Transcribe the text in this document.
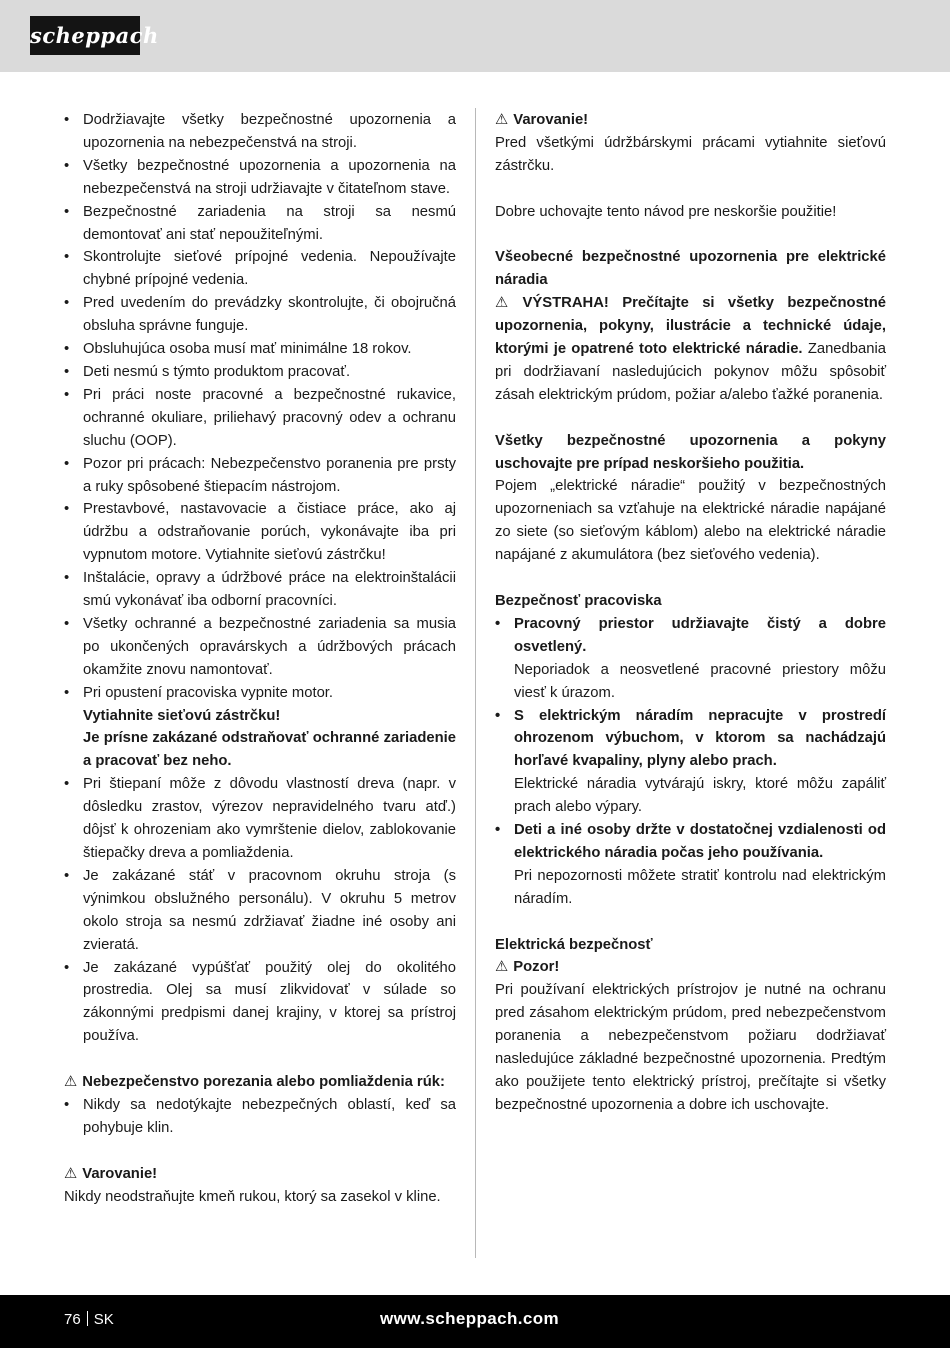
scheppach
• Dodržiavajte všetky bezpečnostné upozornenia a upozornenia na nebezpečenstvá na stroji.
• Všetky bezpečnostné upozornenia a upozornenia na nebezpečenstvá na stroji udržiavajte v čitateľnom stave.
• Bezpečnostné zariadenia na stroji sa nesmú demontovať ani stať nepoužiteľnými.
• Skontrolujte sieťové prípojné vedenia. Nepoužívajte chybné prípojné vedenia.
• Pred uvedením do prevádzky skontrolujte, či obojručná obsluha správne funguje.
• Obsluhujúca osoba musí mať minimálne 18 rokov.
• Deti nesmú s týmto produktom pracovať.
• Pri práci noste pracovné a bezpečnostné rukavice, ochranné okuliare, priliehavý pracovný odev a ochranu sluchu (OOP).
• Pozor pri prácach: Nebezpečenstvo poranenia pre prsty a ruky spôsobené štiepacím nástrojom.
• Prestavbové, nastavovacie a čistiace práce, ako aj údržbu a odstraňovanie porúch, vykonávajte iba pri vypnutom motore. Vytiahnite sieťovú zástrčku!
• Inštalácie, opravy a údržbové práce na elektroinštalácii smú vykonávať iba odborní pracovníci.
• Všetky ochranné a bezpečnostné zariadenia sa musia po ukončených opravárskych a údržbových prácach okamžite znovu namontovať.
• Pri opustení pracoviska vypnite motor.
Vytiahnite sieťovú zástrčku!
Je prísne zakázané odstraňovať ochranné zariadenie a pracovať bez neho.
• Pri štiepaní môže z dôvodu vlastností dreva (napr. v dôsledku zrastov, výrezov nepravidelného tvaru atď.) dôjsť k ohrozeniam ako vymrštenie dielov, zablokovanie štiepačky dreva a pomliaždenia.
• Je zakázané stáť v pracovnom okruhu stroja (s výnimkou obslužného personálu). V okruhu 5 metrov okolo stroja sa nesmú zdržiavať žiadne iné osoby ani zvieratá.
• Je zakázané vypúšťať použitý olej do okolitého prostredia. Olej sa musí zlikvidovať v súlade so zákonnými predpismi danej krajiny, v ktorej sa prístroj používa.

⚠ Nebezpečenstvo porezania alebo pomliaždenia rúk:

• Nikdy sa nedotýkajte nebezpečných oblastí, keď sa pohybuje klin.

⚠ Varovanie!

Nikdy neodstraňujte kmeň rukou, ktorý sa zasekol v kline.

⚠ Varovanie!

Pred všetkými údržbárskymi prácami vytiahnite sieťovú zástrčku.

Dobre uchovajte tento návod pre neskoršie použitie!

Všeobecné bezpečnostné upozornenia pre elektrické náradia

⚠ VÝSTRAHA! Prečítajte si všetky bezpečnostné upozornenia, pokyny, ilustrácie a technické údaje, ktorými je opatrené toto elektrické náradie. Zanedbania pri dodržiavaní nasledujúcich pokynov môžu spôsobiť zásah elektrickým prúdom, požiar a/alebo ťažké poranenia.

Všetky bezpečnostné upozornenia a pokyny uschovajte pre prípad neskoršieho použitia.

Pojem „elektrické náradie“ použitý v bezpečnostných upozorneniach sa vzťahuje na elektrické náradie napájané zo siete (so sieťovým káblom) alebo na elektrické náradie napájané z akumulátora (bez sieťového vedenia).

Bezpečnosť pracoviska

• Pracovný priestor udržiavajte čistý a dobre osvetlený.
Neporiadok a neosvetlené pracovné priestory môžu viesť k úrazom.
• S elektrickým náradím nepracujte v prostredí ohrozenom výbuchom, v ktorom sa nachádzajú horľavé kvapaliny, plyny alebo prach.
Elektrické náradia vytvárajú iskry, ktoré môžu zapáliť prach alebo výpary.
• Deti a iné osoby držte v dostatočnej vzdialenosti od elektrického náradia počas jeho používania.
Pri nepozornosti môžete stratiť kontrolu nad elektrickým náradím.

Elektrická bezpečnosť

⚠ Pozor!

Pri používaní elektrických prístrojov je nutné na ochranu pred zásahom elektrickým prúdom, pred nebezpečenstvom poranenia a nebezpečenstvom požiaru dodržiavať nasledujúce základné bezpečnostné upozornenia. Predtým ako použijete tento elektrický prístroj, prečítajte si všetky bezpečnostné upozornenia a dobre ich uschovajte.

76 SK	www.scheppach.com
